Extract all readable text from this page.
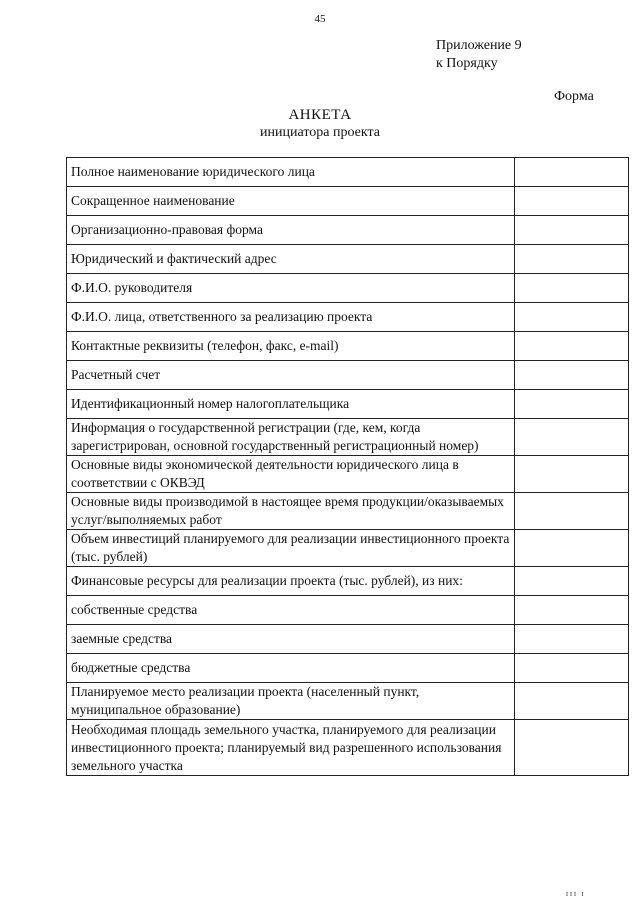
45
Приложение 9
к Порядку
Форма
АНКЕТА
инициатора проекта
Полное наименование юридического лица	
Сокращенное наименование	
Организационно-правовая форма	
Юридический и фактический адрес	
Ф.И.О. руководителя	
Ф.И.О. лица, ответственного за реализацию проекта	
Контактные реквизиты (телефон, факс, e-mail)	
Расчетный счет	
Идентификационный номер налогоплательщика	
Информация о государственной регистрации (где, кем, когда зарегистрирован, основной государственный регистрационный номер)	
Основные виды экономической деятельности юридического лица в соответствии с ОКВЭД	
Основные виды производимой в настоящее время продукции/оказываемых услуг/выполняемых работ	
Объем инвестиций планируемого для реализации инвестиционного проекта (тыс. рублей)	
Финансовые ресурсы для реализации проекта (тыс. рублей), из них:	
собственные средства	
заемные средства	
бюджетные средства	
Планируемое место реализации проекта (населенный пункт, муниципальное образование)	
Необходимая площадь земельного участка, планируемого для реализации инвестиционного проекта; планируемый вид разрешенного использования земельного участка	
III I
